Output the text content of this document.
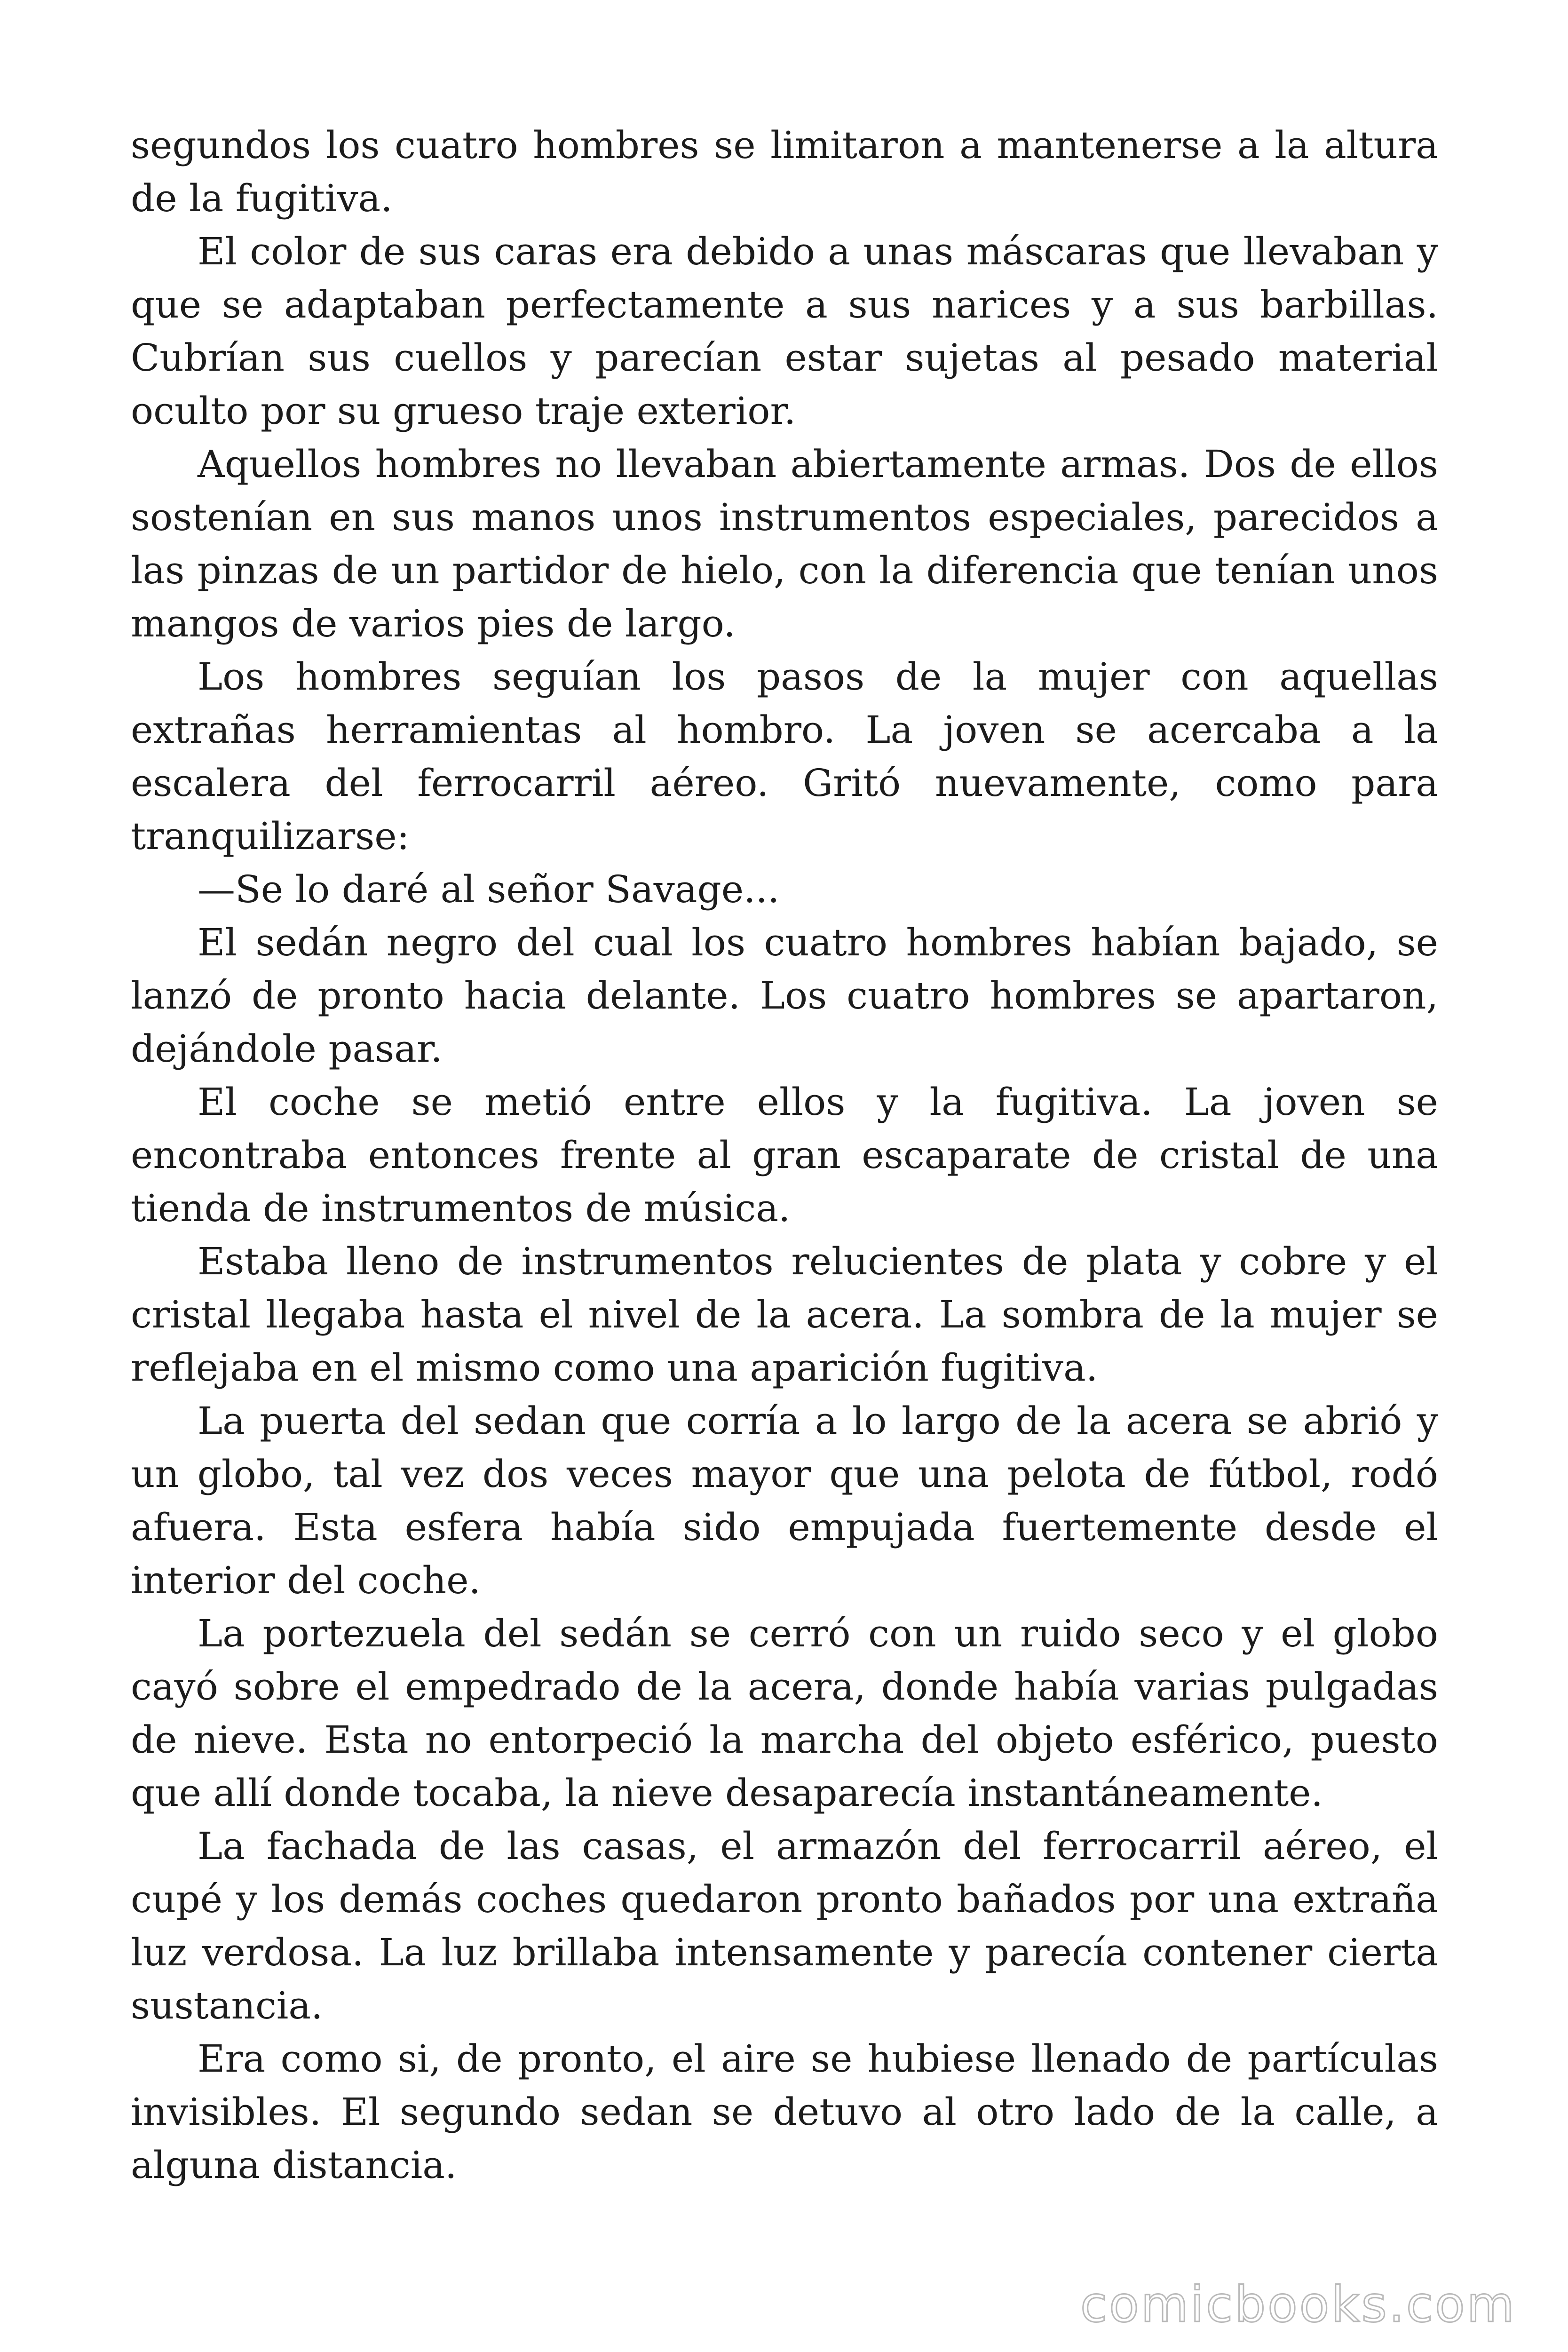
segundos los cuatro hombres se limitaron a mantenerse a la altura de la fugitiva.

El color de sus caras era debido a unas máscaras que llevaban y que se adaptaban perfectamente a sus narices y a sus barbillas. Cubrían sus cuellos y parecían estar sujetas al pesado material oculto por su grueso traje exterior.

Aquellos hombres no llevaban abiertamente armas. Dos de ellos sostenían en sus manos unos instrumentos especiales, parecidos a las pinzas de un partidor de hielo, con la diferencia que tenían unos mangos de varios pies de largo.

Los hombres seguían los pasos de la mujer con aquellas extrañas herramientas al hombro. La joven se acercaba a la escalera del ferrocarril aéreo. Gritó nuevamente, como para tranquilizarse:

—Se lo daré al señor Savage...

El sedán negro del cual los cuatro hombres habían bajado, se lanzó de pronto hacia delante. Los cuatro hombres se apartaron, dejándole pasar.

El coche se metió entre ellos y la fugitiva. La joven se encontraba entonces frente al gran escaparate de cristal de una tienda de instrumentos de música.

Estaba lleno de instrumentos relucientes de plata y cobre y el cristal llegaba hasta el nivel de la acera. La sombra de la mujer se reflejaba en el mismo como una aparición fugitiva.

La puerta del sedan que corría a lo largo de la acera se abrió y un globo, tal vez dos veces mayor que una pelota de fútbol, rodó afuera. Esta esfera había sido empujada fuertemente desde el interior del coche.

La portezuela del sedán se cerró con un ruido seco y el globo cayó sobre el empedrado de la acera, donde había varias pulgadas de nieve. Esta no entorpeció la marcha del objeto esférico, puesto que allí donde tocaba, la nieve desaparecía instantáneamente.

La fachada de las casas, el armazón del ferrocarril aéreo, el cupé y los demás coches quedaron pronto bañados por una extraña luz verdosa. La luz brillaba intensamente y parecía contener cierta sustancia.

Era como si, de pronto, el aire se hubiese llenado de partículas invisibles. El segundo sedan se detuvo al otro lado de la calle, a alguna distancia.

comicbooks.com
